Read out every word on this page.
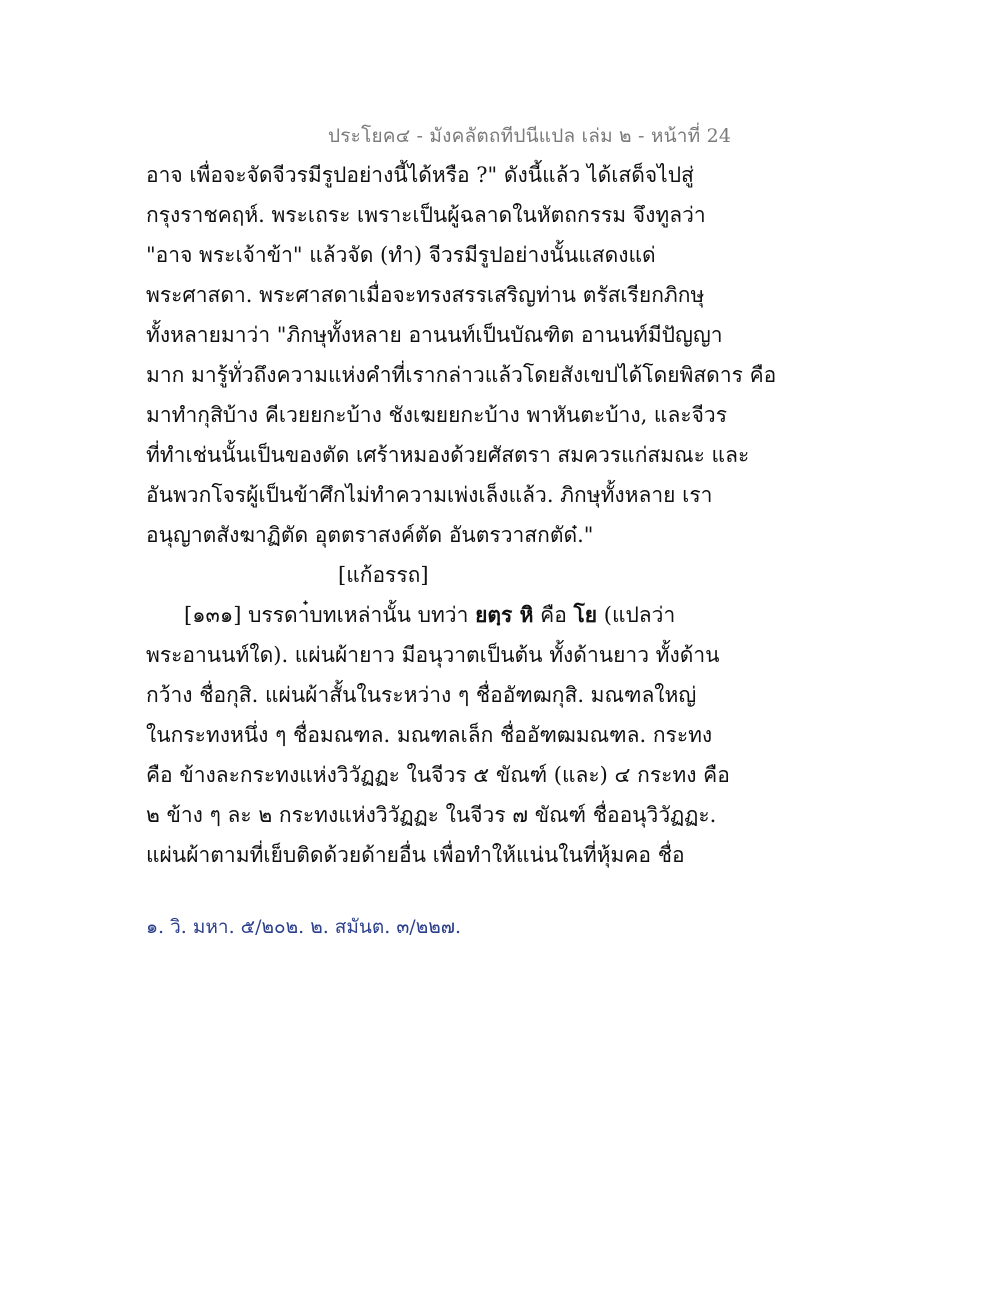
ประโยค๔ - มังคลัตถทีปนีแปล เล่ม ๒ - หน้าที่ 24
อาจ เพื่อจะจัดจีวรมีรูปอย่างนี้ได้หรือ ?" ดังนี้แล้ว ได้เสด็จไปสู่
กรุงราชคฤห์. พระเถระ เพราะเป็นผู้ฉลาดในหัตถกรรม จึงทูลว่า
"อาจ พระเจ้าข้า" แล้วจัด (ทำ) จีวรมีรูปอย่างนั้นแสดงแด่
พระศาสดา. พระศาสดาเมื่อจะทรงสรรเสริญท่าน ตรัสเรียกภิกษุ
ทั้งหลายมาว่า "ภิกษุทั้งหลาย อานนท์เป็นบัณฑิต อานนท์มีปัญญา
มาก มารู้ทั่วถึงความแห่งคำที่เรากล่าวแล้วโดยสังเขปได้โดยพิสดาร คือ
มาทำกุสิบ้าง คีเวยยกะบ้าง ชังเฆยยกะบ้าง พาหันตะบ้าง, และจีวร
ที่ทำเช่นนั้นเป็นของตัด เศร้าหมองด้วยศัสตรา สมควรแก่สมณะ และ
อันพวกโจรผู้เป็นข้าศึกไม่ทำความเพ่งเล็งแล้ว. ภิกษุทั้งหลาย เรา
อนุญาตสังฆาฏิตัด อุตตราสงค์ตัด อันตรวาสกตัด๋."
[แก้อรรถ]
[๑๓๑] บรรดา๋บทเหล่านั้น บทว่า ยตฺร หิ คือ โย (แปลว่า
พระอานนท์ใด). แผ่นผ้ายาว มีอนุวาตเป็นต้น ทั้งด้านยาว ทั้งด้าน
กว้าง ชื่อกุสิ. แผ่นผ้าสั้นในระหว่าง ๆ ชื่ออัฑฒกุสิ. มณฑลใหญ่
ในกระทงหนึ่ง ๆ ชื่อมณฑล. มณฑลเล็ก ชื่ออัฑฒมณฑล. กระทง
คือ ข้างละกระทงแห่งวิวัฏฏะ ในจีวร ๕ ขัณฑ์ (และ) ๔ กระทง คือ
๒ ข้าง ๆ ละ ๒ กระทงแห่งวิวัฏฏะ ในจีวร ๗ ขัณฑ์ ชื่ออนุวิวัฏฏะ.
แผ่นผ้าตามที่เย็บติดด้วยด้ายอื่น เพื่อทำให้แน่นในที่หุ้มคอ ชื่อ
๑. วิ. มหา. ๕/๒๐๒. ๒. สมันต. ๓/๒๒๗.
